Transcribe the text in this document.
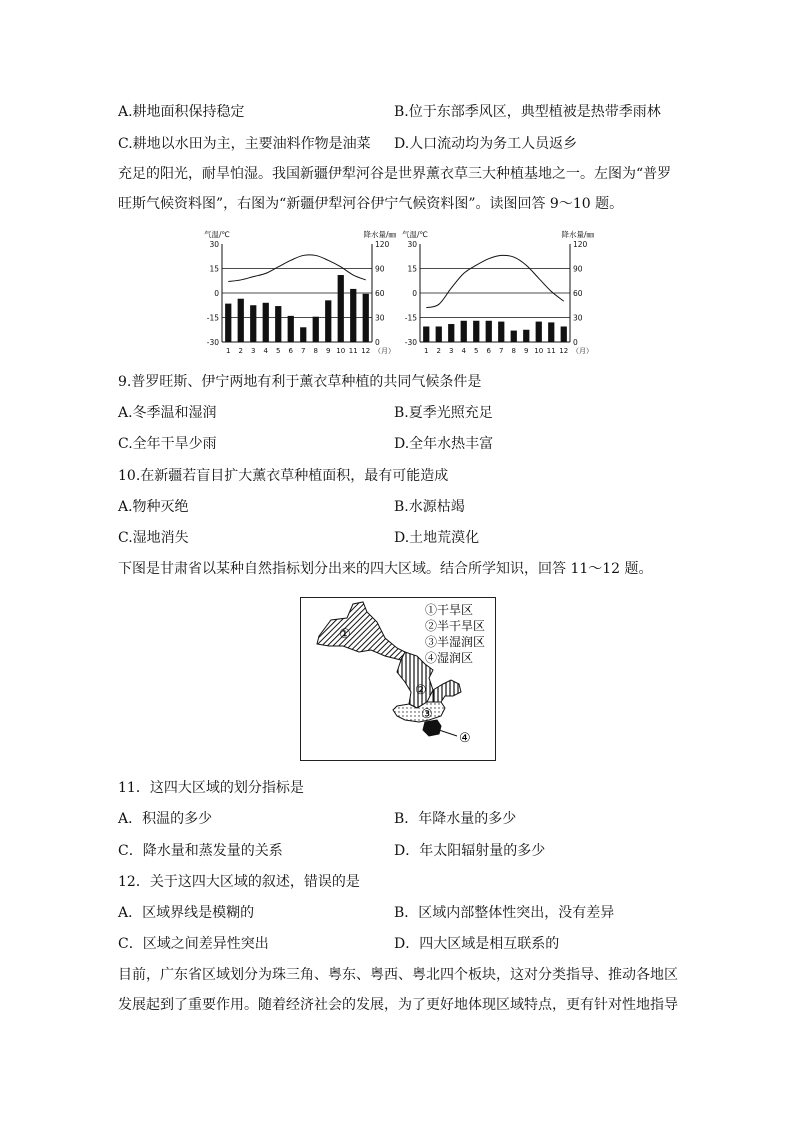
A.耕地面积保持稳定	B.位于东部季风区，典型植被是热带季雨林
C.耕地以水田为主，主要油料作物是油菜 D.人口流动均为务工人员返乡
充足的阳光，耐旱怕湿。我国新疆伊犁河谷是世界薰衣草三大种植基地之一。左图为“普罗
旺斯气候资料图”，右图为“新疆伊犁河谷伊宁气候资料图”。读图回答 9～10 题。
气温/℃	降水量/㎜
30
15
0
-15
-30
120
90
60
30
0
1 2 3 4 5 6 7 8 9 10 11 12 （月）
气温/℃	降水量/㎜
30
15
0
-15
-30
120
90
60
30
0
1 2 3 4 5 6 7 8 9 10 11 12 （月）
9.普罗旺斯、伊宁两地有利于薰衣草种植的共同气候条件是
A.冬季温和湿润	B.夏季光照充足
C.全年干旱少雨	D.全年水热丰富
10.在新疆若盲目扩大薰衣草种植面积，最有可能造成
A.物种灭绝	B.水源枯竭
C.湿地消失	D.土地荒漠化
下图是甘肃省以某种自然指标划分出来的四大区域。结合所学知识，回答 11～12 题。
①
②
③
④
①干旱区
②半干旱区
③半湿润区
④湿润区
11．这四大区域的划分指标是
A．积温的多少	B．年降水量的多少
C．降水量和蒸发量的关系	D．年太阳辐射量的多少
12．关于这四大区域的叙述，错误的是
A．区域界线是模糊的	B．区域内部整体性突出，没有差异
C．区域之间差异性突出	D．四大区域是相互联系的
目前，广东省区域划分为珠三角、粤东、粤西、粤北四个板块，这对分类指导、推动各地区
发展起到了重要作用。随着经济社会的发展，为了更好地体现区域特点，更有针对性地指导
